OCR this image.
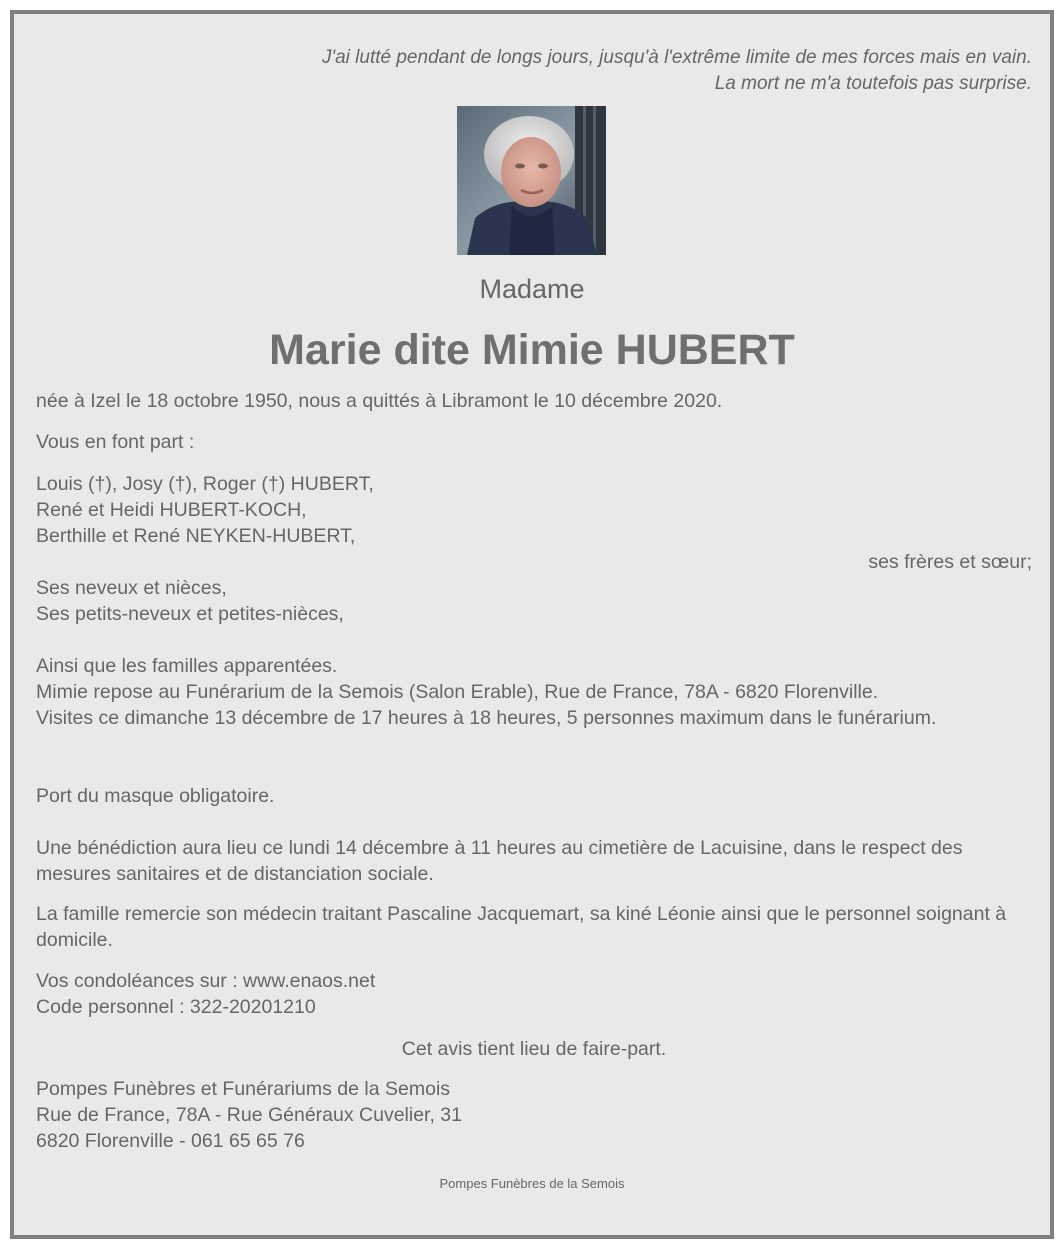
J'ai lutté pendant de longs jours, jusqu'à l'extrême limite de mes forces mais en vain.
La mort ne m'a toutefois pas surprise.
Madame
Marie dite Mimie HUBERT

née à Izel le 18 octobre 1950, nous a quittés à Libramont le 10 décembre 2020.

Vous en font part :

Louis (†), Josy (†), Roger (†) HUBERT,

René et Heidi HUBERT-KOCH,

Berthille et René NEYKEN-HUBERT,

ses frères et sœur;

Ses neveux et nièces,

Ses petits-neveux et petites-nièces,

Ainsi que les familles apparentées.

Mimie repose au Funérarium de la Semois (Salon Erable), Rue de France, 78A - 6820 Florenville.

Visites ce dimanche 13 décembre de 17 heures à 18 heures, 5 personnes maximum dans le funérarium.

Port du masque obligatoire.

Une bénédiction aura lieu ce lundi 14 décembre à 11 heures au cimetière de Lacuisine, dans le respect des mesures sanitaires et de distanciation sociale.

La famille remercie son médecin traitant Pascaline Jacquemart, sa kiné Léonie ainsi que le personnel soignant à domicile.

Vos condoléances sur : www.enaos.net

Code personnel : 322-20201210

Cet avis tient lieu de faire-part.

Pompes Funèbres et Funérariums de la Semois

Rue de France, 78A - Rue Généraux Cuvelier, 31

6820 Florenville - 061 65 65 76

Pompes Funèbres de la Semois
